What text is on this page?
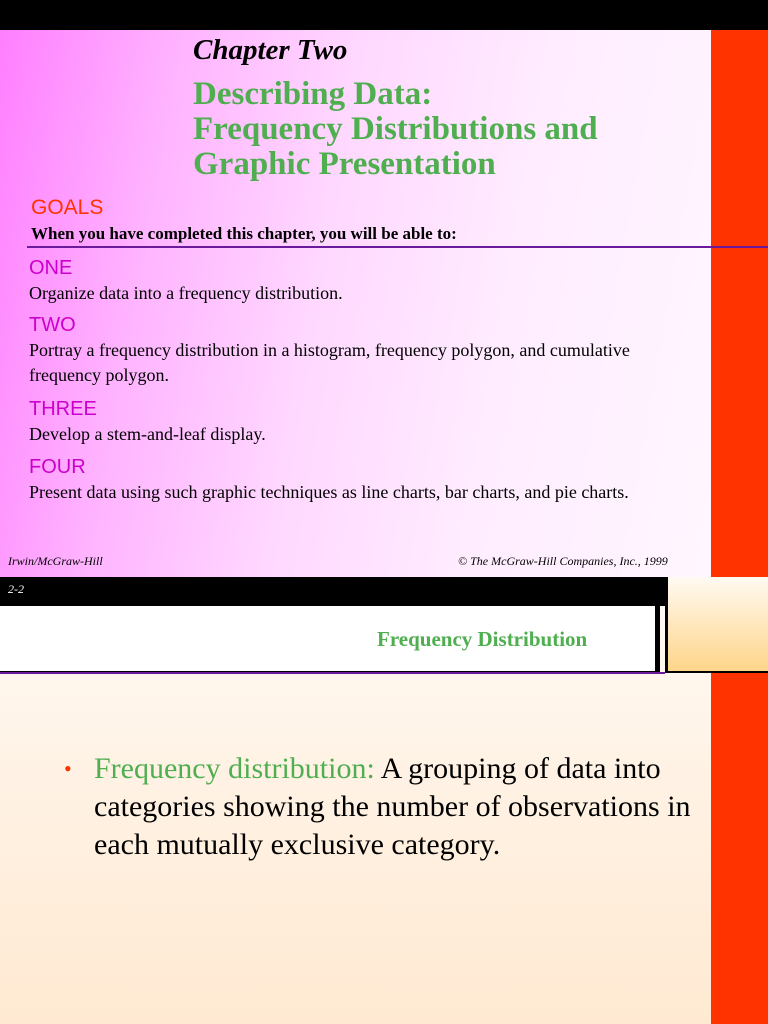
Chapter Two
Describing Data:
Frequency Distributions and
Graphic Presentation
GOALS
When you have completed this chapter, you will be able to:
ONE
Organize data into a frequency distribution.
TWO
Portray a frequency distribution in a histogram, frequency polygon, and cumulative frequency polygon.
THREE
Develop a stem-and-leaf display.
FOUR
Present data using such graphic techniques as line charts, bar charts, and pie charts.
Irwin/McGraw-Hill	© The McGraw-Hill Companies, Inc., 1999
2-2
Frequency Distribution

• Frequency distribution: A grouping of data into categories showing the number of observations in each mutually exclusive category.
